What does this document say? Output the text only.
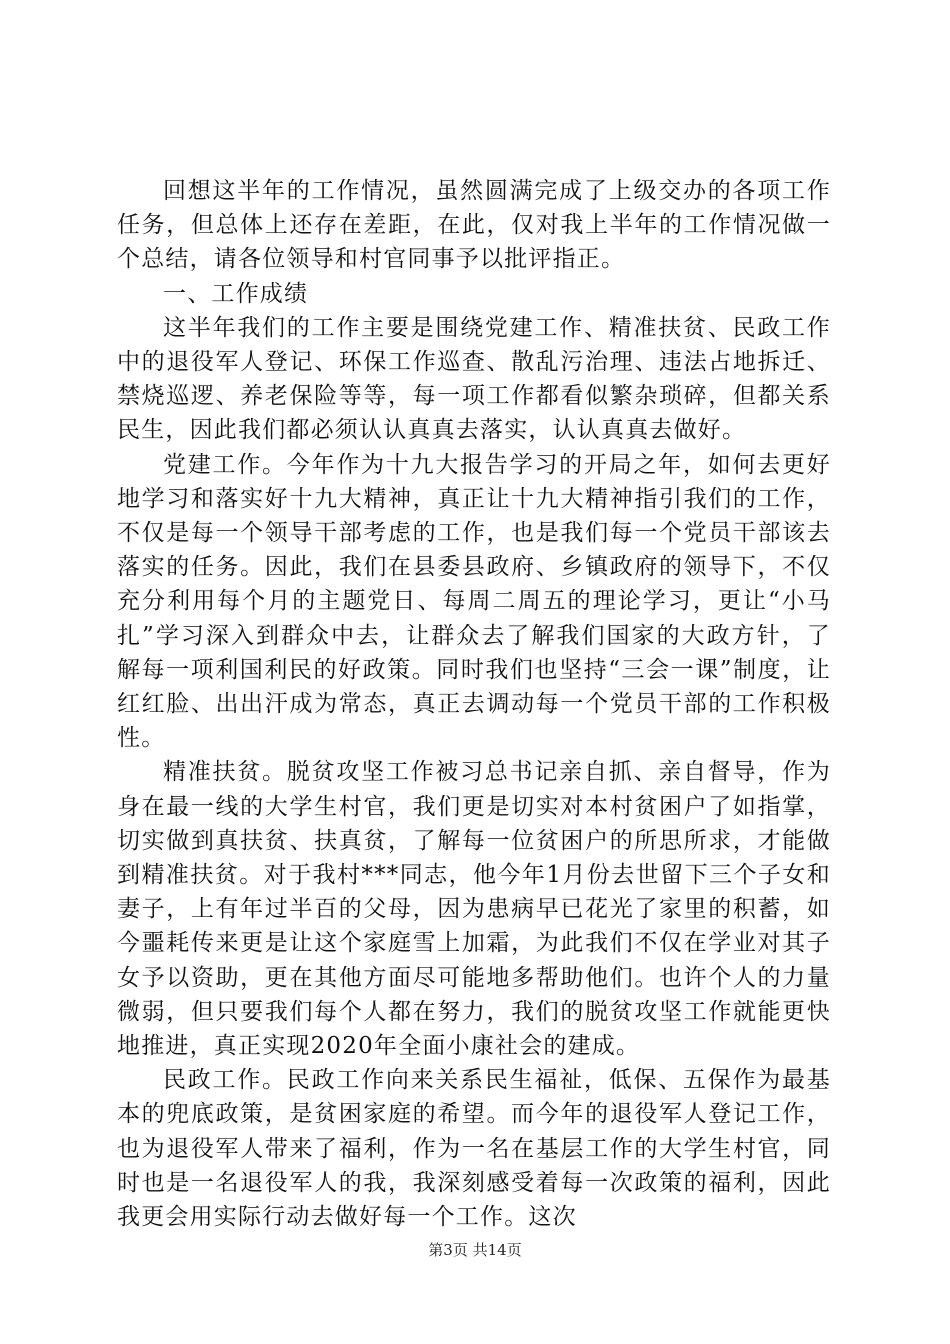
回想这半年的工作情况，虽然圆满完成了上级交办的各项工作任务，但总体上还存在差距，在此，仅对我上半年的工作情况做一个总结，请各位领导和村官同事予以批评指正。

一、工作成绩

这半年我们的工作主要是围绕党建工作、精准扶贫、民政工作中的退役军人登记、环保工作巡查、散乱污治理、违法占地拆迁、禁烧巡逻、养老保险等等，每一项工作都看似繁杂琐碎，但都关系民生，因此我们都必须认认真真去落实，认认真真去做好。

党建工作。今年作为十九大报告学习的开局之年，如何去更好地学习和落实好十九大精神，真正让十九大精神指引我们的工作，不仅是每一个领导干部考虑的工作，也是我们每一个党员干部该去落实的任务。因此，我们在县委县政府、乡镇政府的领导下，不仅充分利用每个月的主题党日、每周二周五的理论学习，更让“小马扎”学习深入到群众中去，让群众去了解我们国家的大政方针，了解每一项利国利民的好政策。同时我们也坚持“三会一课”制度，让红红脸、出出汗成为常态，真正去调动每一个党员干部的工作积极性。

精准扶贫。脱贫攻坚工作被习总书记亲自抓、亲自督导，作为身在最一线的大学生村官，我们更是切实对本村贫困户了如指掌，切实做到真扶贫、扶真贫，了解每一位贫困户的所思所求，才能做到精准扶贫。对于我村***同志，他今年1月份去世留下三个子女和妻子，上有年过半百的父母，因为患病早已花光了家里的积蓄，如今噩耗传来更是让这个家庭雪上加霜，为此我们不仅在学业对其子女予以资助，更在其他方面尽可能地多帮助他们。也许个人的力量微弱，但只要我们每个人都在努力，我们的脱贫攻坚工作就能更快地推进，真正实现2020年全面小康社会的建成。

民政工作。民政工作向来关系民生福祉，低保、五保作为最基本的兜底政策，是贫困家庭的希望。而今年的退役军人登记工作，也为退役军人带来了福利，作为一名在基层工作的大学生村官，同时也是一名退役军人的我，我深刻感受着每一次政策的福利，因此我更会用实际行动去做好每一个工作。这次

第3页 共14页
